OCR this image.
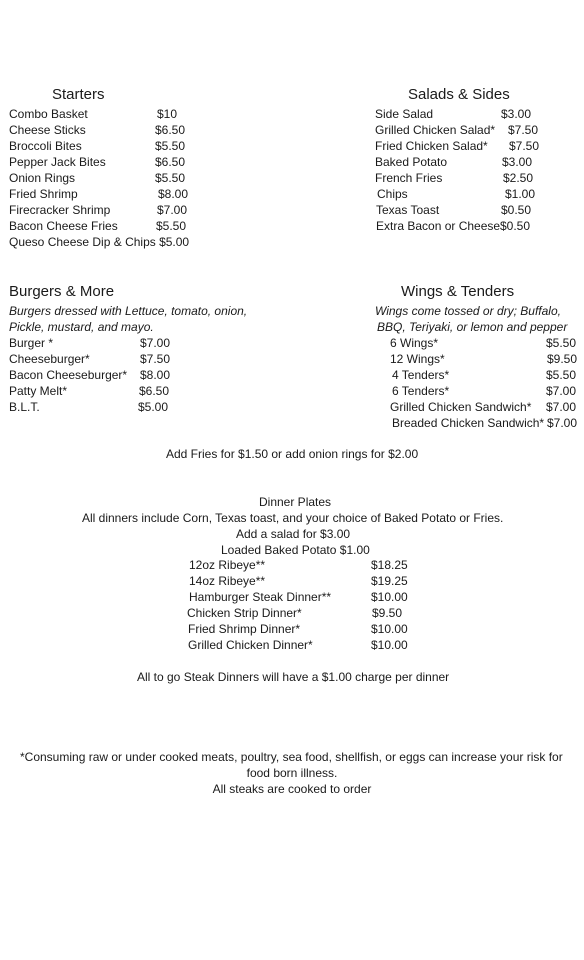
Starters
Combo Basket	$10
Cheese Sticks	$6.50
Broccoli Bites	$5.50
Pepper Jack Bites	$6.50
Onion Rings	$5.50
Fried Shrimp	$8.00
Firecracker Shrimp	$7.00
Bacon Cheese Fries	$5.50
Queso Cheese Dip & Chips $5.00
Salads & Sides
Side Salad	$3.00
Grilled Chicken Salad* $7.50
Fried Chicken Salad* $7.50
Baked Potato	$3.00
French Fries	$2.50
Chips	$1.00
Texas Toast	$0.50
Extra Bacon or Cheese $0.50
Burgers & More
Burgers dressed with Lettuce, tomato, onion,
Pickle, mustard, and mayo.
Burger *	$7.00
Cheeseburger*	$7.50
Bacon Cheeseburger* $8.00
Patty Melt*	$6.50
B.L.T.	$5.00
Wings & Tenders
Wings come tossed or dry; Buffalo,
BBQ, Teriyaki, or lemon and pepper
6 Wings*	$5.50
12 Wings*	$9.50
4 Tenders*	$5.50
6 Tenders*	$7.00
Grilled Chicken Sandwich* $7.00
Breaded Chicken Sandwich* $7.00
Add Fries for $1.50 or add onion rings for $2.00
Dinner Plates
All dinners include Corn, Texas toast, and your choice of Baked Potato or Fries.
Add a salad for $3.00
Loaded Baked Potato $1.00
12oz Ribeye**	$18.25
14oz Ribeye**	$19.25
Hamburger Steak Dinner**	$10.00
Chicken Strip Dinner*	$9.50
Fried Shrimp Dinner*	$10.00
Grilled Chicken Dinner*	$10.00
All to go Steak Dinners will have a $1.00 charge per dinner
*Consuming raw or under cooked meats, poultry, sea food, shellfish, or eggs can increase your risk for
food born illness.
All steaks are cooked to order
